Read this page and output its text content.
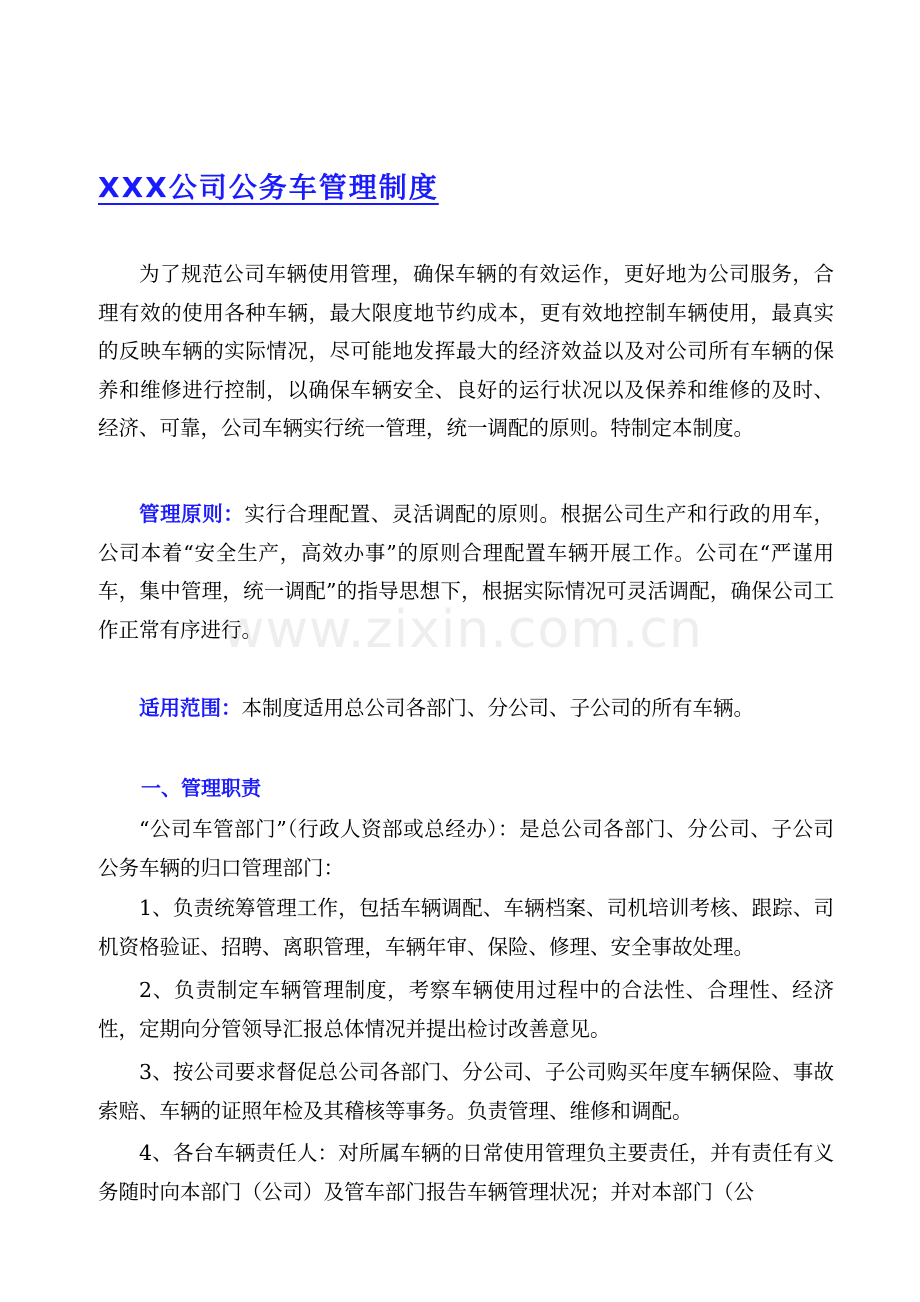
XXX公司公务车管理制度

为了规范公司车辆使用管理，确保车辆的有效运作，更好地为公司服务，合理有效的使用各种车辆，最大限度地节约成本，更有效地控制车辆使用，最真实的反映车辆的实际情况，尽可能地发挥最大的经济效益以及对公司所有车辆的保养和维修进行控制，以确保车辆安全、良好的运行状况以及保养和维修的及时、经济、可靠，公司车辆实行统一管理，统一调配的原则。特制定本制度。

管理原则：实行合理配置、灵活调配的原则。根据公司生产和行政的用车，公司本着“安全生产，高效办事”的原则合理配置车辆开展工作。公司在“严谨用车，集中管理，统一调配”的指导思想下，根据实际情况可灵活调配，确保公司工作正常有序进行。

适用范围：本制度适用总公司各部门、分公司、子公司的所有车辆。

一、管理职责

“公司车管部门”（行政人资部或总经办）：是总公司各部门、分公司、子公司公务车辆的归口管理部门：

1、负责统筹管理工作，包括车辆调配、车辆档案、司机培训考核、跟踪、司机资格验证、招聘、离职管理，车辆年审、保险、修理、安全事故处理。

2、负责制定车辆管理制度，考察车辆使用过程中的合法性、合理性、经济性，定期向分管领导汇报总体情况并提出检讨改善意见。

3、按公司要求督促总公司各部门、分公司、子公司购买年度车辆保险、事故索赔、车辆的证照年检及其稽核等事务。负责管理、维修和调配。

4、各台车辆责任人：对所属车辆的日常使用管理负主要责任，并有责任有义务随时向本部门（公司）及管车部门报告车辆管理状况；并对本部门（公

www.zixin.com.cn
